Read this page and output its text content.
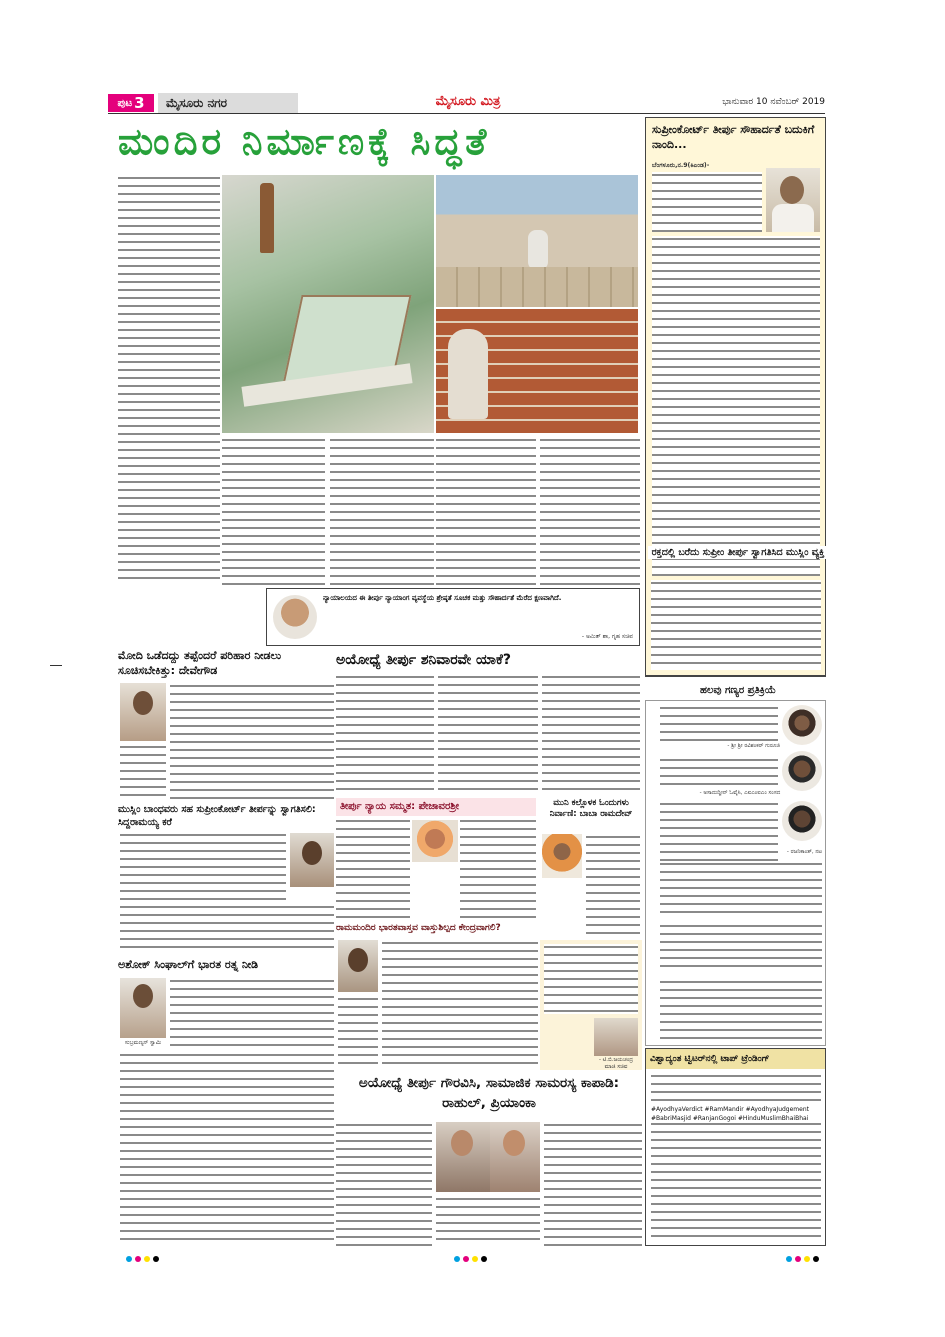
ಪುಟ 3	ಮೈಸೂರು ನಗರ	ಮೈಸೂರು ಮಿತ್ರ	ಭಾನುವಾರ 10 ನವೆಂಬರ್ 2019
ಮಂದಿರ ನಿರ್ಮಾಣಕ್ಕೆ ಸಿದ್ಧತೆ	ಸುಪ್ರೀಂಕೋರ್ಟ್ ತೀರ್ಪು ಸೌಹಾರ್ದತೆ ಬದುಕಿಗೆ ನಾಂದಿ...
ಬೆಂಗಳೂರು,ನ.9(ಕಿಎಂಡ)-
ನ್ಯಾಯಾಲಯದ ಈ ತೀರ್ಪು ನ್ಯಾಯಾಂಗ ವ್ಯವಸ್ಥೆಯ ಶ್ರೇಷ್ಠತೆ ಸೂಚಕ ಮತ್ತು ಸೌಹಾರ್ದತೆ ಮೆರೆದ ಕ್ಷಣವಾಗಿದೆ.
- ಅಮಿತ್ ಶಾ, ಗೃಹ ಸಚಿವ
ಮೋದಿ ಒಡೆದದ್ದು ತಪ್ಪೆಂದರೆ ಪರಿಹಾರ ನೀಡಲು ಸೂಚಿಸಬೇಕಿತ್ತು: ದೇವೇಗೌಡ
ಮುಸ್ಲಿಂ ಬಾಂಧವರು ಸಹ ಸುಪ್ರೀಂಕೋರ್ಟ್ ತೀರ್ಪನ್ನು ಸ್ವಾಗತಿಸಲಿ: ಸಿದ್ದರಾಮಯ್ಯ ಕರೆ
ಅಶೋಕ್ ಸಿಂಘಾಲ್‌ಗೆ ಭಾರತ ರತ್ನ ನೀಡಿ
ಸುಬ್ರಮಣ್ಯನ್ ಸ್ವಾಮಿ
ಅಯೋಧ್ಯೆ ತೀರ್ಪು ಶನಿವಾರವೇ ಯಾಕೆ?
ತೀರ್ಪು ನ್ಯಾಯ ಸಮ್ಮತ: ಪೇಜಾವರಶ್ರೀ	ಮುನಿ ಕಲ್ಲೊಳಕ ಓಂದುಗಳು ನಿರ್ವಾಣಿ: ಬಾಬಾ ರಾಮದೇವ್
ರಾಮಮಂದಿರ ಭಾರತವಾಸ್ತವ ವಾಸ್ತುಶಿಲ್ಪದ ಕೇಂದ್ರವಾಗಲಿ?
- ಟಿ.ಬಿ.ಜಯಚಂದ್ರ
ಮಾಜಿ ಸಚಿವ
ಅಯೋಧ್ಯೆ ತೀರ್ಪು ಗೌರವಿಸಿ, ಸಾಮಾಜಿಕ ಸಾಮರಸ್ಯ ಕಾಪಾಡಿ: ರಾಹುಲ್, ಪ್ರಿಯಾಂಕಾ
ರಕ್ತದಲ್ಲಿ ಬರೆದು ಸುಪ್ರೀಂ ತೀರ್ಪು ಸ್ವಾಗತಿಸಿದ ಮುಸ್ಲಿಂ ವ್ಯಕ್ತಿ
ಹಲವು ಗಣ್ಯರ ಪ್ರತಿಕ್ರಿಯೆ
- ಶ್ರೀ ಶ್ರೀ ರವಿಶಂಕರ್ ಗುರೂಜಿ
- ಅಸಾದುದ್ದೀನ್ ಓವೈಸಿ, ಎಐಎಂಐಎಂ ಸಂಸದ
- ರಜನಿಕಾಂತ್, ನಟ
ವಿಶ್ವಾದ್ಯಂತ ಟ್ವಿಟರ್‌ನಲ್ಲಿ ಟಾಪ್ ಟ್ರೆಂಡಿಂಗ್
#AyodhyaVerdict #RamMandir #AyodhyaJudgement #BabriMasjid #RanjanGogoi #HinduMuslimBhaiBhai
